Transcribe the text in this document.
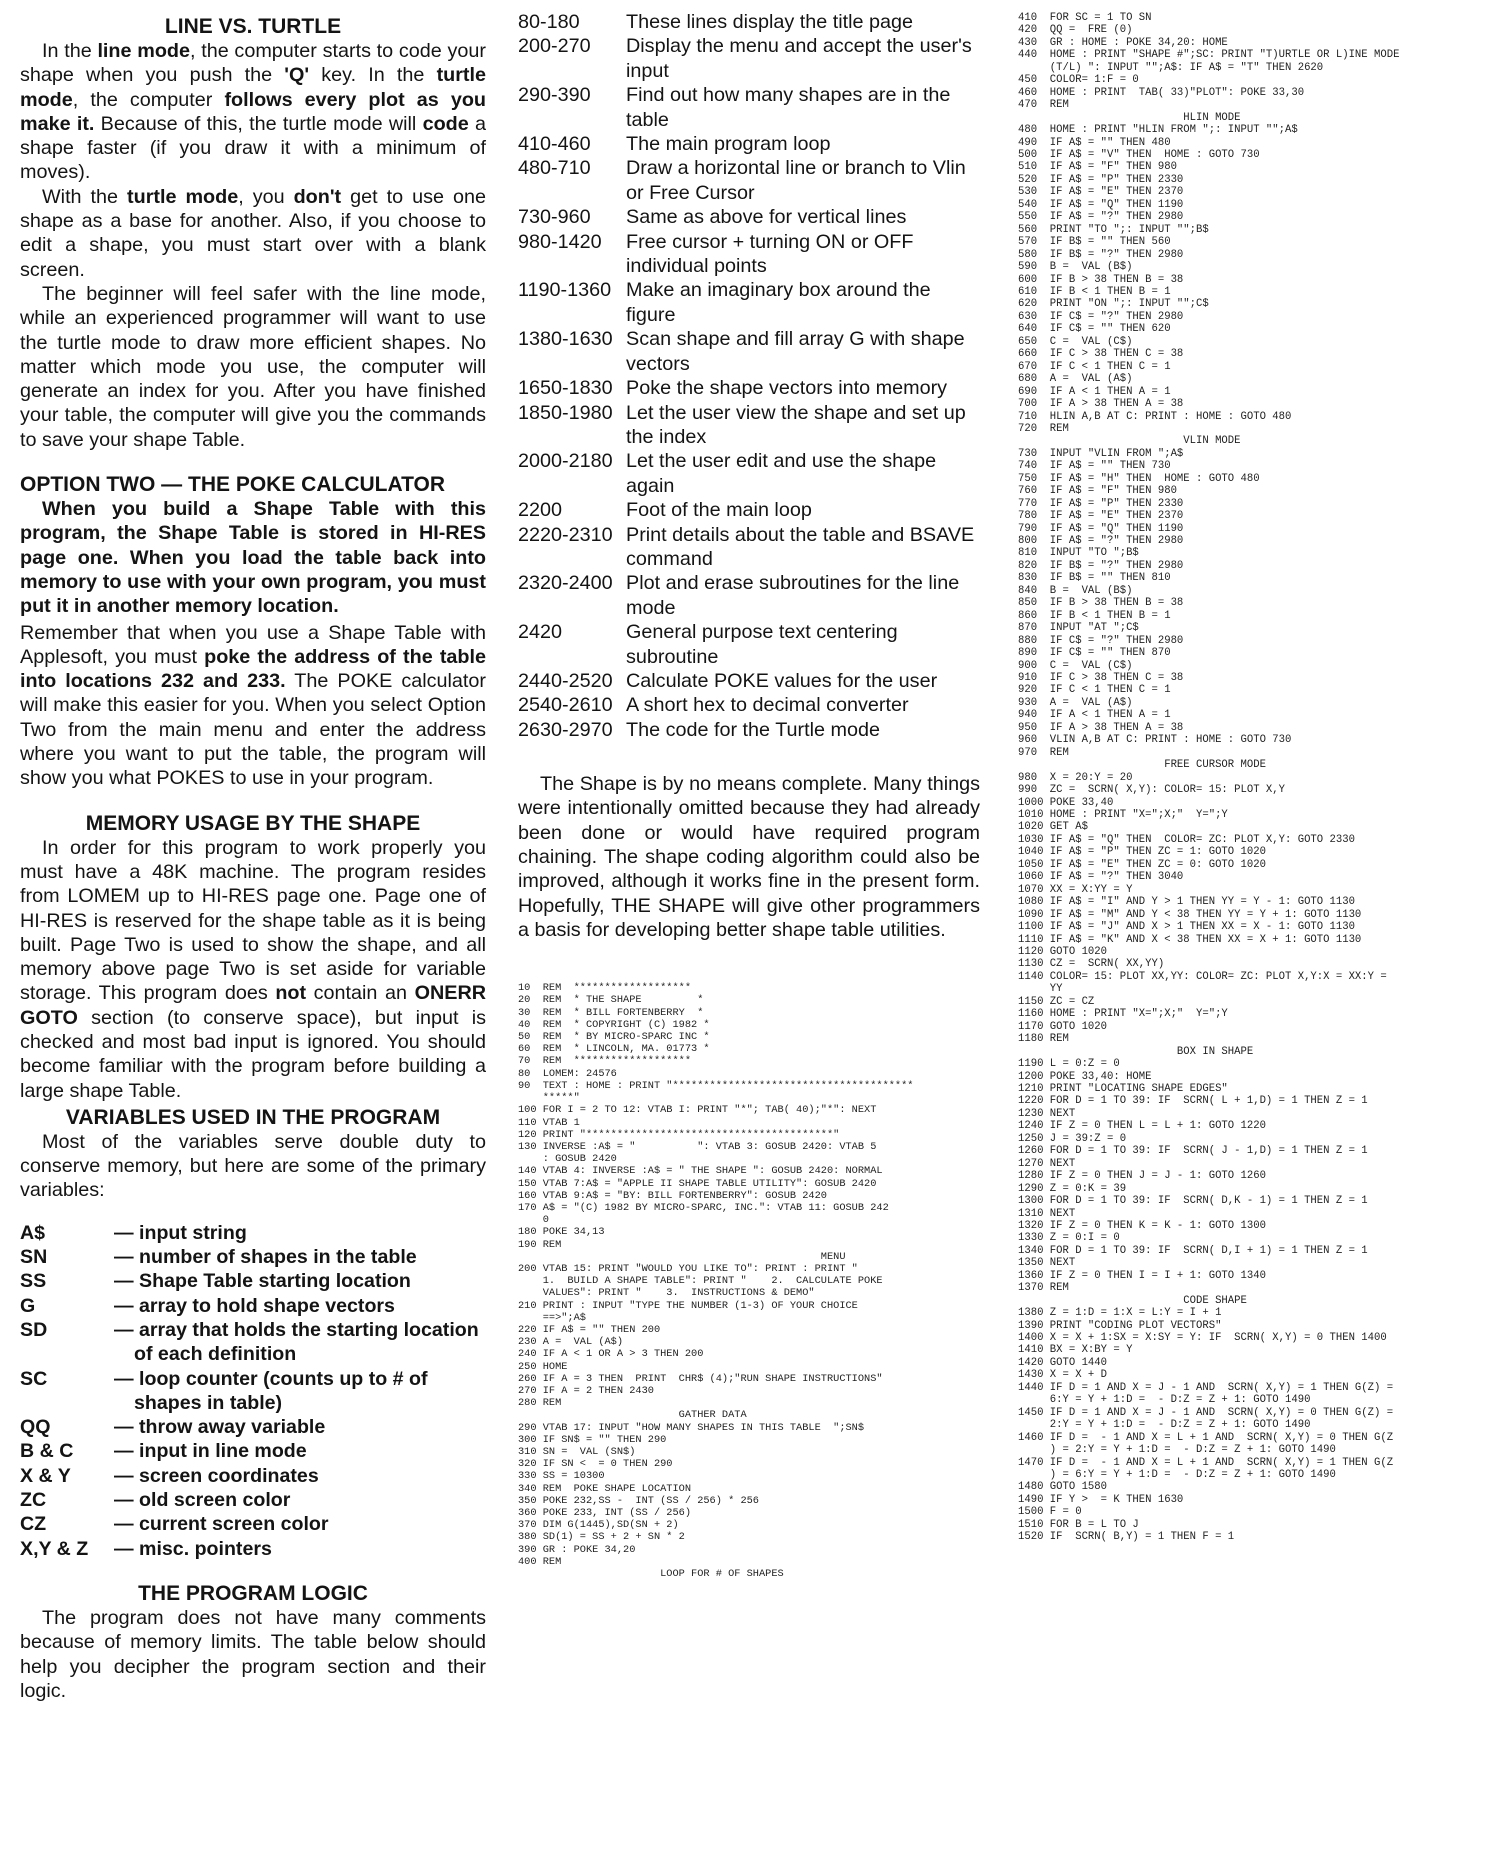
LINE VS. TURTLE

In the line mode, the computer starts to code your shape when you push the 'Q' key. In the turtle mode, the computer follows every plot as you make it. Because of this, the turtle mode will code a shape faster (if you draw it with a minimum of moves).

With the turtle mode, you don't get to use one shape as a base for another. Also, if you choose to edit a shape, you must start over with a blank screen.

The beginner will feel safer with the line mode, while an experienced programmer will want to use the turtle mode to draw more efficient shapes. No matter which mode you use, the computer will generate an index for you. After you have finished your table, the computer will give you the commands to save your shape Table.

OPTION TWO — THE POKE CALCULATOR

When you build a Shape Table with this program, the Shape Table is stored in HI-RES page one. When you load the table back into memory to use with your own program, you must put it in another memory location.

Remember that when you use a Shape Table with Applesoft, you must poke the address of the table into locations 232 and 233. The POKE calculator will make this easier for you. When you select Option Two from the main menu and enter the address where you want to put the table, the program will show you what POKES to use in your program.

MEMORY USAGE BY THE SHAPE

In order for this program to work properly you must have a 48K machine. The program resides from LOMEM up to HI-RES page one. Page one of HI-RES is reserved for the shape table as it is being built. Page Two is used to show the shape, and all memory above page Two is set aside for variable storage. This program does not contain an ONERR GOTO section (to conserve space), but input is checked and most bad input is ignored. You should become familiar with the program before building a large shape Table.

VARIABLES USED IN THE PROGRAM

Most of the variables serve double duty to conserve memory, but here are some of the primary variables:

A$	— input string
SN	— number of shapes in the table
SS	— Shape Table starting location
G	— array to hold shape vectors
SD	— array that holds the starting location of each definition
SC	— loop counter (counts up to # of shapes in table)
QQ	— throw away variable
B & C	— input in line mode
X & Y	— screen coordinates
ZC	— old screen color
CZ	— current screen color
X,Y & Z	— misc. pointers
THE PROGRAM LOGIC

The program does not have many comments because of memory limits. The table below should help you decipher the program section and their logic.

80-180	These lines display the title page
200-270	Display the menu and accept the user's input
290-390	Find out how many shapes are in the table
410-460	The main program loop
480-710	Draw a horizontal line or branch to Vlin or Free Cursor
730-960	Same as above for vertical lines
980-1420	Free cursor + turning ON or OFF individual points
1190-1360 Make an imaginary box around the figure
1380-1630 Scan shape and fill array G with shape vectors
1650-1830 Poke the shape vectors into memory
1850-1980 Let the user view the shape and set up the index
2000-2180 Let the user edit and use the shape again
2200	Foot of the main loop
2220-2310 Print details about the table and BSAVE command
2320-2400 Plot and erase subroutines for the line mode
2420	General purpose text centering subroutine
2440-2520 Calculate POKE values for the user
2540-2610 A short hex to decimal converter
2630-2970 The code for the Turtle mode

The Shape is by no means complete. Many things were intentionally omitted because they had already been done or would have required program chaining. The shape coding algorithm could also be improved, although it works fine in the present form. Hopefully, THE SHAPE will give other programmers a basis for developing better shape table utilities.

10  REM  *******************
20  REM  * THE SHAPE         *
30  REM  * BILL FORTENBERRY  *
40  REM  * COPYRIGHT (C) 1982 *
50  REM  * BY MICRO-SPARC INC *
60  REM  * LINCOLN, MA. 01773 *
70  REM  *******************
80  LOMEM: 24576
90  TEXT : HOME : PRINT "***************************************
*****"
100 FOR I = 2 TO 12: VTAB I: PRINT "*"; TAB( 40);"*": NEXT
110 VTAB 1
120 PRINT "****************************************"
130 INVERSE :A$ = "          ": VTAB 3: GOSUB 2420: VTAB 5
: GOSUB 2420
140 VTAB 4: INVERSE :A$ = " THE SHAPE ": GOSUB 2420: NORMAL
150 VTAB 7:A$ = "APPLE II SHAPE TABLE UTILITY": GOSUB 2420
160 VTAB 9:A$ = "BY: BILL FORTENBERRY": GOSUB 2420
170 A$ = "(C) 1982 BY MICRO-SPARC, INC.": VTAB 11: GOSUB 242
0
180 POKE 34,13
190 REM
MENU
200 VTAB 15: PRINT "WOULD YOU LIKE TO": PRINT : PRINT "
1.  BUILD A SHAPE TABLE": PRINT "    2.  CALCULATE POKE
VALUES": PRINT "    3.  INSTRUCTIONS & DEMO"
210 PRINT : INPUT "TYPE THE NUMBER (1-3) OF YOUR CHOICE
==>";A$
220 IF A$ = "" THEN 200
230 A =  VAL (A$)
240 IF A < 1 OR A > 3 THEN 200
250 HOME
260 IF A = 3 THEN  PRINT  CHR$ (4);"RUN SHAPE INSTRUCTIONS"
270 IF A = 2 THEN 2430
280 REM
GATHER DATA
290 VTAB 17: INPUT "HOW MANY SHAPES IN THIS TABLE  ";SN$
300 IF SN$ = "" THEN 290
310 SN =  VAL (SN$)
320 IF SN <  = 0 THEN 290
330 SS = 10300
340 REM  POKE SHAPE LOCATION
350 POKE 232,SS -  INT (SS / 256) * 256
360 POKE 233, INT (SS / 256)
370 DIM G(1445),SD(SN + 2)
380 SD(1) = SS + 2 + SN * 2
390 GR : POKE 34,20
400 REM
LOOP FOR # OF SHAPES
410  FOR SC = 1 TO SN
420  QQ =  FRE (0)
430  GR : HOME : POKE 34,20: HOME
440  HOME : PRINT "SHAPE #";SC: PRINT "T)URTLE OR L)INE MODE
(T/L) ": INPUT "";A$: IF A$ = "T" THEN 2620
450  COLOR= 1:F = 0
460  HOME : PRINT  TAB( 33)"PLOT": POKE 33,30
470  REM
HLIN MODE
480  HOME : PRINT "HLIN FROM ";: INPUT "";A$
490  IF A$ = "" THEN 480
500  IF A$ = "V" THEN  HOME : GOTO 730
510  IF A$ = "F" THEN 980
520  IF A$ = "P" THEN 2330
530  IF A$ = "E" THEN 2370
540  IF A$ = "Q" THEN 1190
550  IF A$ = "?" THEN 2980
560  PRINT "TO ";: INPUT "";B$
570  IF B$ = "" THEN 560
580  IF B$ = "?" THEN 2980
590  B =  VAL (B$)
600  IF B > 38 THEN B = 38
610  IF B < 1 THEN B = 1
620  PRINT "ON ";: INPUT "";C$
630  IF C$ = "?" THEN 2980
640  IF C$ = "" THEN 620
650  C =  VAL (C$)
660  IF C > 38 THEN C = 38
670  IF C < 1 THEN C = 1
680  A =  VAL (A$)
690  IF A < 1 THEN A = 1
700  IF A > 38 THEN A = 38
710  HLIN A,B AT C: PRINT : HOME : GOTO 480
720  REM
VLIN MODE
730  INPUT "VLIN FROM ";A$
740  IF A$ = "" THEN 730
750  IF A$ = "H" THEN  HOME : GOTO 480
760  IF A$ = "F" THEN 980
770  IF A$ = "P" THEN 2330
780  IF A$ = "E" THEN 2370
790  IF A$ = "Q" THEN 1190
800  IF A$ = "?" THEN 2980
810  INPUT "TO ";B$
820  IF B$ = "?" THEN 2980
830  IF B$ = "" THEN 810
840  B =  VAL (B$)
850  IF B > 38 THEN B = 38
860  IF B < 1 THEN B = 1
870  INPUT "AT ";C$
880  IF C$ = "?" THEN 2980
890  IF C$ = "" THEN 870
900  C =  VAL (C$)
910  IF C > 38 THEN C = 38
920  IF C < 1 THEN C = 1
930  A =  VAL (A$)
940  IF A < 1 THEN A = 1
950  IF A > 38 THEN A = 38
960  VLIN A,B AT C: PRINT : HOME : GOTO 730
970  REM
FREE CURSOR MODE
980  X = 20:Y = 20
990  ZC =  SCRN( X,Y): COLOR= 15: PLOT X,Y
1000 POKE 33,40
1010 HOME : PRINT "X=";X;"  Y=";Y
1020 GET A$
1030 IF A$ = "Q" THEN  COLOR= ZC: PLOT X,Y: GOTO 2330
1040 IF A$ = "P" THEN ZC = 1: GOTO 1020
1050 IF A$ = "E" THEN ZC = 0: GOTO 1020
1060 IF A$ = "?" THEN 3040
1070 XX = X:YY = Y
1080 IF A$ = "I" AND Y > 1 THEN YY = Y - 1: GOTO 1130
1090 IF A$ = "M" AND Y < 38 THEN YY = Y + 1: GOTO 1130
1100 IF A$ = "J" AND X > 1 THEN XX = X - 1: GOTO 1130
1110 IF A$ = "K" AND X < 38 THEN XX = X + 1: GOTO 1130
1120 GOTO 1020
1130 CZ =  SCRN( XX,YY)
1140 COLOR= 15: PLOT XX,YY: COLOR= ZC: PLOT X,Y:X = XX:Y =
YY
1150 ZC = CZ
1160 HOME : PRINT "X=";X;"  Y=";Y
1170 GOTO 1020
1180 REM
BOX IN SHAPE
1190 L = 0:Z = 0
1200 POKE 33,40: HOME
1210 PRINT "LOCATING SHAPE EDGES"
1220 FOR D = 1 TO 39: IF  SCRN( L + 1,D) = 1 THEN Z = 1
1230 NEXT
1240 IF Z = 0 THEN L = L + 1: GOTO 1220
1250 J = 39:Z = 0
1260 FOR D = 1 TO 39: IF  SCRN( J - 1,D) = 1 THEN Z = 1
1270 NEXT
1280 IF Z = 0 THEN J = J - 1: GOTO 1260
1290 Z = 0:K = 39
1300 FOR D = 1 TO 39: IF  SCRN( D,K - 1) = 1 THEN Z = 1
1310 NEXT
1320 IF Z = 0 THEN K = K - 1: GOTO 1300
1330 Z = 0:I = 0
1340 FOR D = 1 TO 39: IF  SCRN( D,I + 1) = 1 THEN Z = 1
1350 NEXT
1360 IF Z = 0 THEN I = I + 1: GOTO 1340
1370 REM
CODE SHAPE
1380 Z = 1:D = 1:X = L:Y = I + 1
1390 PRINT "CODING PLOT VECTORS"
1400 X = X + 1:SX = X:SY = Y: IF  SCRN( X,Y) = 0 THEN 1400
1410 BX = X:BY = Y
1420 GOTO 1440
1430 X = X + D
1440 IF D = 1 AND X = J - 1 AND  SCRN( X,Y) = 1 THEN G(Z) =
6:Y = Y + 1:D =  - D:Z = Z + 1: GOTO 1490
1450 IF D = 1 AND X = J - 1 AND  SCRN( X,Y) = 0 THEN G(Z) =
2:Y = Y + 1:D =  - D:Z = Z + 1: GOTO 1490
1460 IF D =  - 1 AND X = L + 1 AND  SCRN( X,Y) = 0 THEN G(Z
) = 2:Y = Y + 1:D =  - D:Z = Z + 1: GOTO 1490
1470 IF D =  - 1 AND X = L + 1 AND  SCRN( X,Y) = 1 THEN G(Z
) = 6:Y = Y + 1:D =  - D:Z = Z + 1: GOTO 1490
1480 GOTO 1580
1490 IF Y >  = K THEN 1630
1500 F = 0
1510 FOR B = L TO J
1520 IF  SCRN( B,Y) = 1 THEN F = 1
